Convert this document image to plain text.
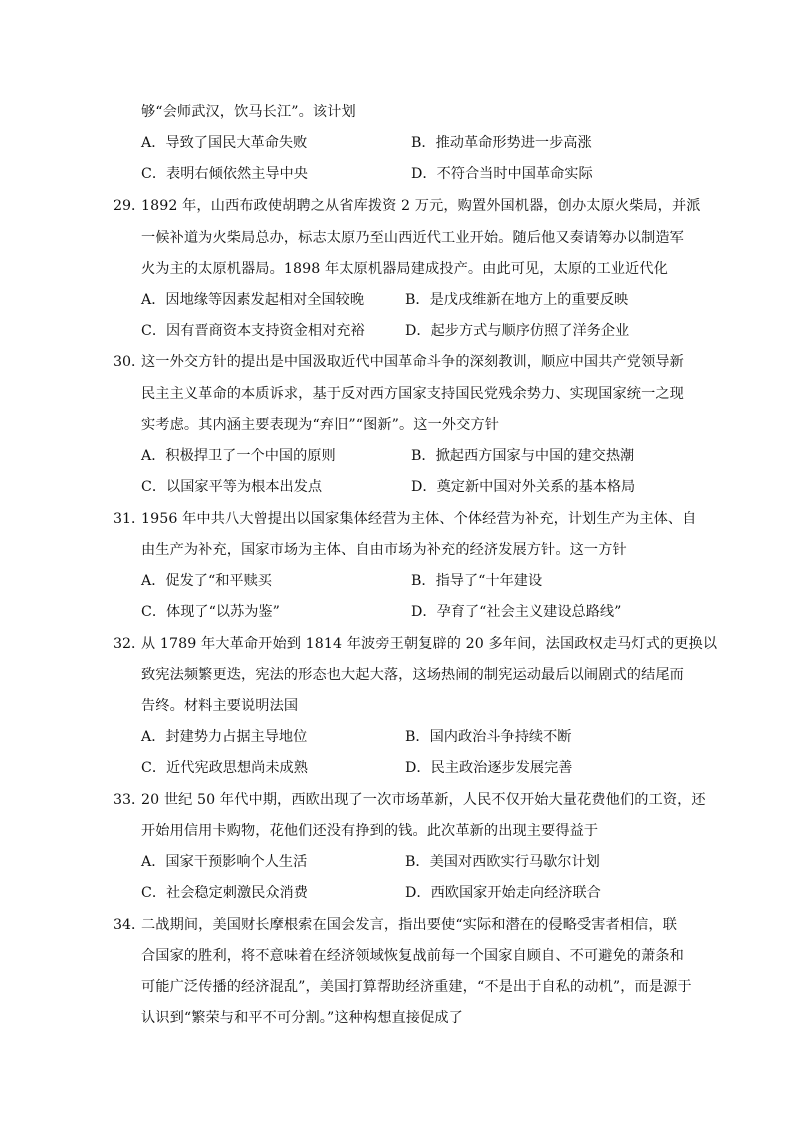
够“会师武汉，饮马长江”。该计划
A．导致了国民大革命失败	B．推动革命形势进一步高涨
C．表明右倾依然主导中央	D．不符合当时中国革命实际
29．
1892 年，山西布政使胡聘之从省库拨资 2 万元，购置外国机器，创办太原火柴局，并派
一候补道为火柴局总办，标志太原乃至山西近代工业开始。随后他又奏请筹办以制造军
火为主的太原机器局。1898 年太原机器局建成投产。由此可见，太原的工业近代化
A．因地缘等因素发起相对全国较晚	B．是戊戌维新在地方上的重要反映
C．因有晋商资本支持资金相对充裕	D．起步方式与顺序仿照了洋务企业
30．
这一外交方针的提出是中国汲取近代中国革命斗争的深刻教训，顺应中国共产党领导新
民主主义革命的本质诉求，基于反对西方国家支持国民党残余势力、实现国家统一之现
实考虑。其内涵主要表现为“弃旧”“图新”。这一外交方针
A．积极捍卫了一个中国的原则	B．掀起西方国家与中国的建交热潮
C．以国家平等为根本出发点	D．奠定新中国对外关系的基本格局
31．
1956 年中共八大曾提出以国家集体经营为主体、个体经营为补充，计划生产为主体、自
由生产为补充，国家市场为主体、自由市场为补充的经济发展方针。这一方针
A．促发了“和平赎买	B．指导了“十年建设
C．体现了“以苏为鉴”	D．孕育了“社会主义建设总路线”
32．
从 1789 年大革命开始到 1814 年波旁王朝复辟的 20 多年间，法国政权走马灯式的更换以
致宪法频繁更迭，宪法的形态也大起大落，这场热闹的制宪运动最后以闹剧式的结尾而
告终。材料主要说明法国
A．封建势力占据主导地位	B．国内政治斗争持续不断
C．近代宪政思想尚未成熟	D．民主政治逐步发展完善
33．
20 世纪 50 年代中期，西欧出现了一次市场革新，人民不仅开始大量花费他们的工资，还
开始用信用卡购物，花他们还没有挣到的钱。此次革新的出现主要得益于
A．国家干预影响个人生活	B．美国对西欧实行马歇尔计划
C．社会稳定刺激民众消费	D．西欧国家开始走向经济联合
34．
二战期间，美国财长摩根索在国会发言，指出要使“实际和潜在的侵略受害者相信，联
合国家的胜利，将不意味着在经济领域恢复战前每一个国家自顾自、不可避免的萧条和
可能广泛传播的经济混乱”，美国打算帮助经济重建，“不是出于自私的动机”，而是源于
认识到“繁荣与和平不可分割。”这种构想直接促成了
